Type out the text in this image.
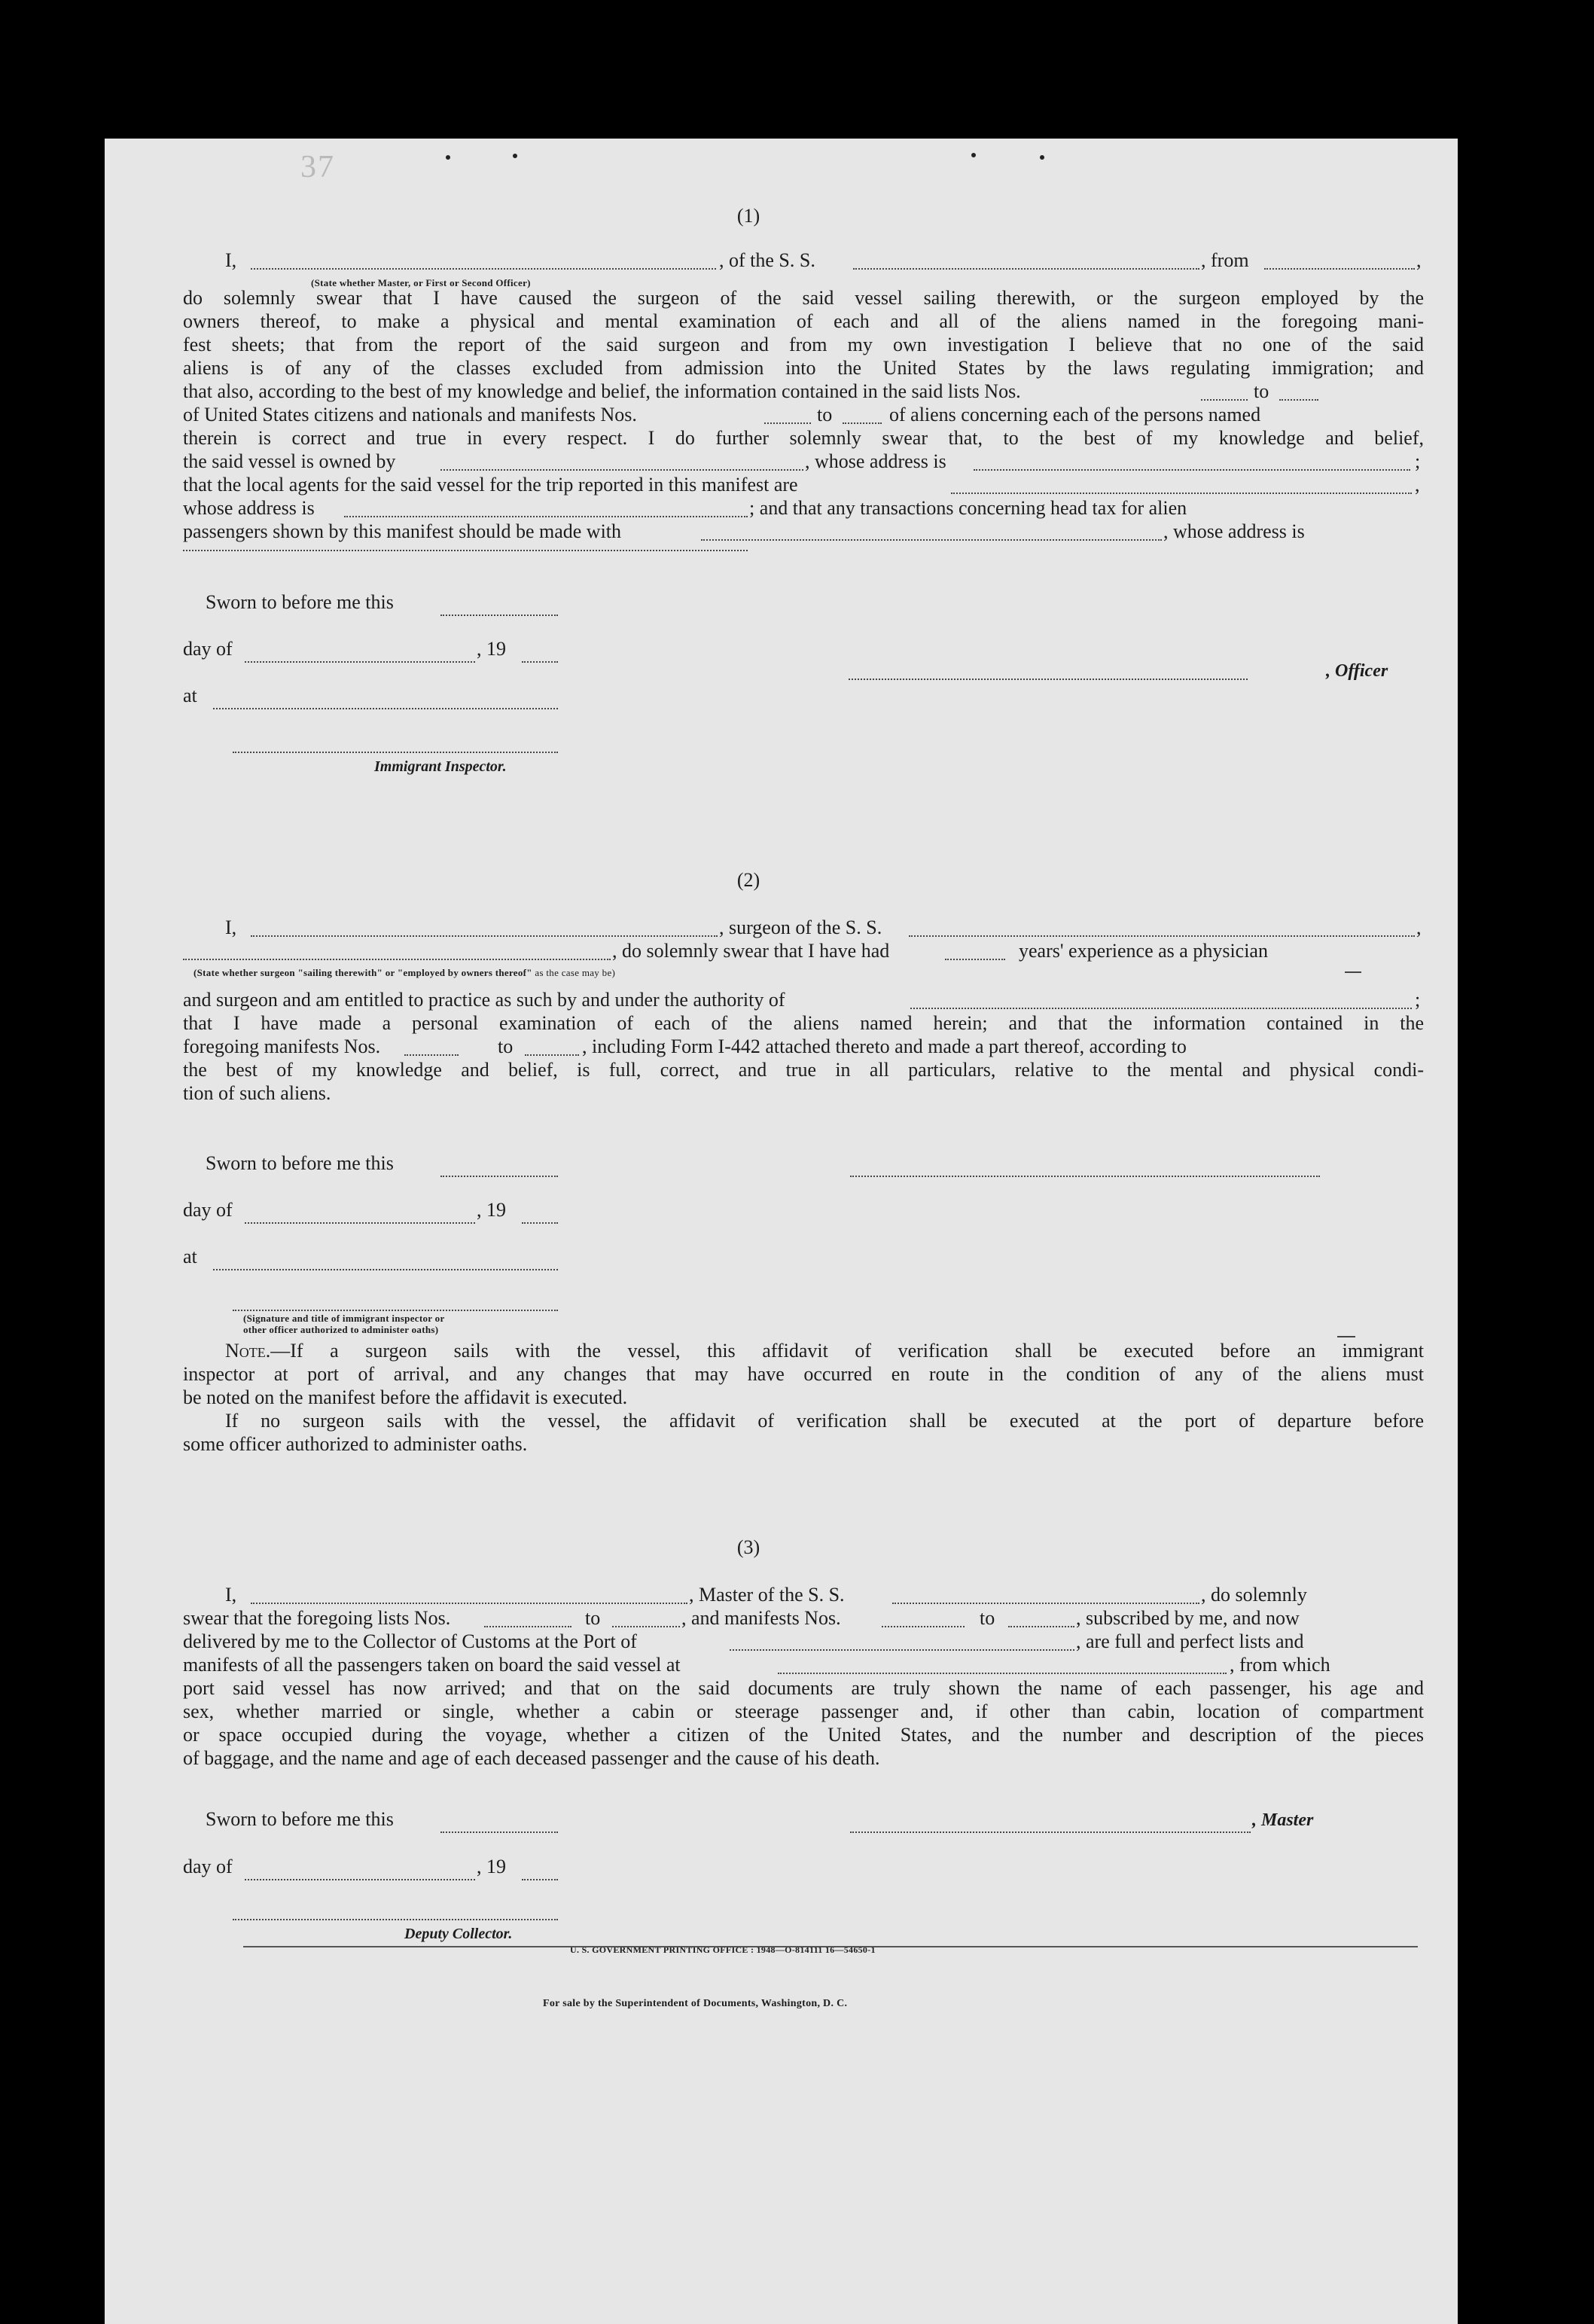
37
(1)
I,	, of the S. S.	, from	,
(State whether Master, or First or Second Officer)
do solemnly swear that I have caused the surgeon of the said vessel sailing therewith, or the surgeon employed by the
owners thereof, to make a physical and mental examination of each and all of the aliens named in the foregoing mani-
fest sheets; that from the report of the said surgeon and from my own investigation I believe that no one of the said
aliens is of any of the classes excluded from admission into the United States by the laws regulating immigration; and
that also, according to the best of my knowledge and belief, the information contained in the said lists Nos.	to
of United States citizens and nationals and manifests Nos.	to	of aliens concerning each of the persons named
therein is correct and true in every respect. I do further solemnly swear that, to the best of my knowledge and belief,
the said vessel is owned by	, whose address is	;
that the local agents for the said vessel for the trip reported in this manifest are	,
whose address is	; and that any transactions concerning head tax for alien
passengers shown by this manifest should be made with	, whose address is
Sworn to before me this
day of	, 19
at
, Officer
Immigrant Inspector.
(2)
I,	, surgeon of the S. S.	,
, do solemnly swear that I have had	years' experience as a physician
(State whether surgeon "sailing therewith" or "employed by owners thereof" as the case may be)
and surgeon and am entitled to practice as such by and under the authority of	;
that I have made a personal examination of each of the aliens named herein; and that the information contained in the
foregoing manifests Nos.	to	, including Form I-442 attached thereto and made a part thereof, according to
the best of my knowledge and belief, is full, correct, and true in all particulars, relative to the mental and physical condi-
tion of such aliens.
Sworn to before me this
day of	, 19
at
(Signature and title of immigrant inspector or
other officer authorized to administer oaths)
Note.—If a surgeon sails with the vessel, this affidavit of verification shall be executed before an immigrant
inspector at port of arrival, and any changes that may have occurred en route in the condition of any of the aliens must
be noted on the manifest before the affidavit is executed.
If no surgeon sails with the vessel, the affidavit of verification shall be executed at the port of departure before
some officer authorized to administer oaths.
(3)
I,	, Master of the S. S.	, do solemnly
swear that the foregoing lists Nos.	to	, and manifests Nos.	to	, subscribed by me, and now
delivered by me to the Collector of Customs at the Port of	, are full and perfect lists and
manifests of all the passengers taken on board the said vessel at	, from which
port said vessel has now arrived; and that on the said documents are truly shown the name of each passenger, his age and
sex, whether married or single, whether a cabin or steerage passenger and, if other than cabin, location of compartment
or space occupied during the voyage, whether a citizen of the United States, and the number and description of the pieces
of baggage, and the name and age of each deceased passenger and the cause of his death.
Sworn to before me this	, Master
day of	, 19
Deputy Collector.
U. S. GOVERNMENT PRINTING OFFICE : 1948—O-814111 16—54650-1
For sale by the Superintendent of Documents, Washington, D. C.
